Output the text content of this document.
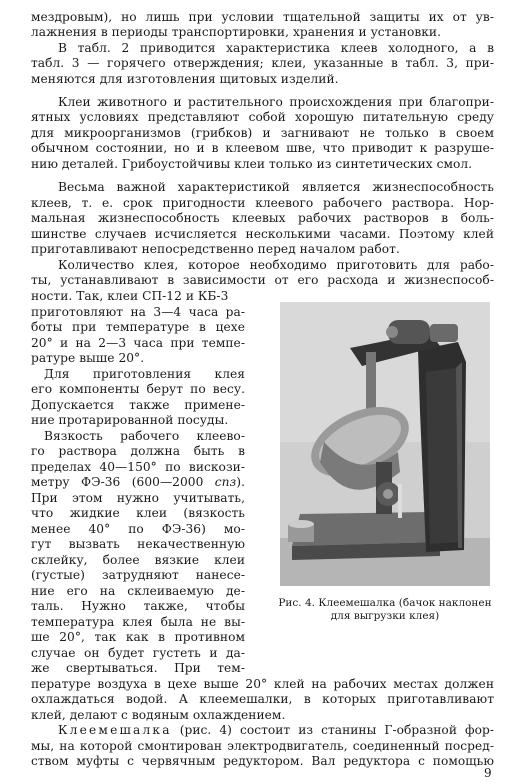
мездровым), но лишь при условии тщательной защиты их от ув-
лажнения в периоды транспортировки, хранения и установки.
В табл. 2 приводится характеристика клеев холодного, а в
табл. 3 — горячего отверждения; клеи, указанные в табл. 3, при-
меняются для изготовления щитовых изделий.
Клеи животного и растительного происхождения при благопри-
ятных условиях представляют собой хорошую питательную среду
для микроорганизмов (грибков) и загнивают не только в своем
обычном состоянии, но и в клеевом шве, что приводит к разруше-
нию деталей. Грибоустойчивы клеи только из синтетических смол.
Весьма важной характеристикой является жизнеспособность
клеев, т. е. срок пригодности клеевого рабочего раствора. Нор-
мальная жизнеспособность клеевых рабочих растворов в боль-
шинстве случаев исчисляется несколькими часами. Поэтому клей
приготавливают непосредственно перед началом работ.
Количество клея, которое необходимо приготовить для рабо-
ты, устанавливают в зависимости от его расхода и жизнеспособ-
ности. Так, клеи СП-12 и КБ-3
приготовляют на 3—4 часа ра-
боты при температуре в цехе
20° и на 2—3 часа при темпе-
ратуре выше 20°.
Для приготовления клея
его компоненты берут по весу.
Допускается также примене-
ние протарированной посуды.
Вязкость рабочего клеево-
го раствора должна быть в
пределах 40—150° по вискози-
метру ФЭ-36 (600—2000 спз).
При этом нужно учитывать,
что жидкие клеи (вязкость
менее 40° по ФЭ-36) мо-
гут вызвать некачественную
склейку, более вязкие клеи
(густые) затрудняют нанесе-
ние его на склеиваемую де-
таль. Нужно также, чтобы
температура клея была не вы-
ше 20°, так как в противном
случае он будет густеть и да-
же свертываться. При тем-
Рис. 4. Клеемешалка (бачок наклонен
для выгрузки клея)
пературе воздуха в цехе выше 20° клей на рабочих местах должен
охлаждаться водой. А клеемешалки, в которых приготавливают
клей, делают с водяным охлаждением.
Клеемешалка (рис. 4) состоит из станины Г-образной фор-
мы, на которой смонтирован электродвигатель, соединенный посред-
ством муфты с червячным редуктором. Вал редуктора с помощью
9
